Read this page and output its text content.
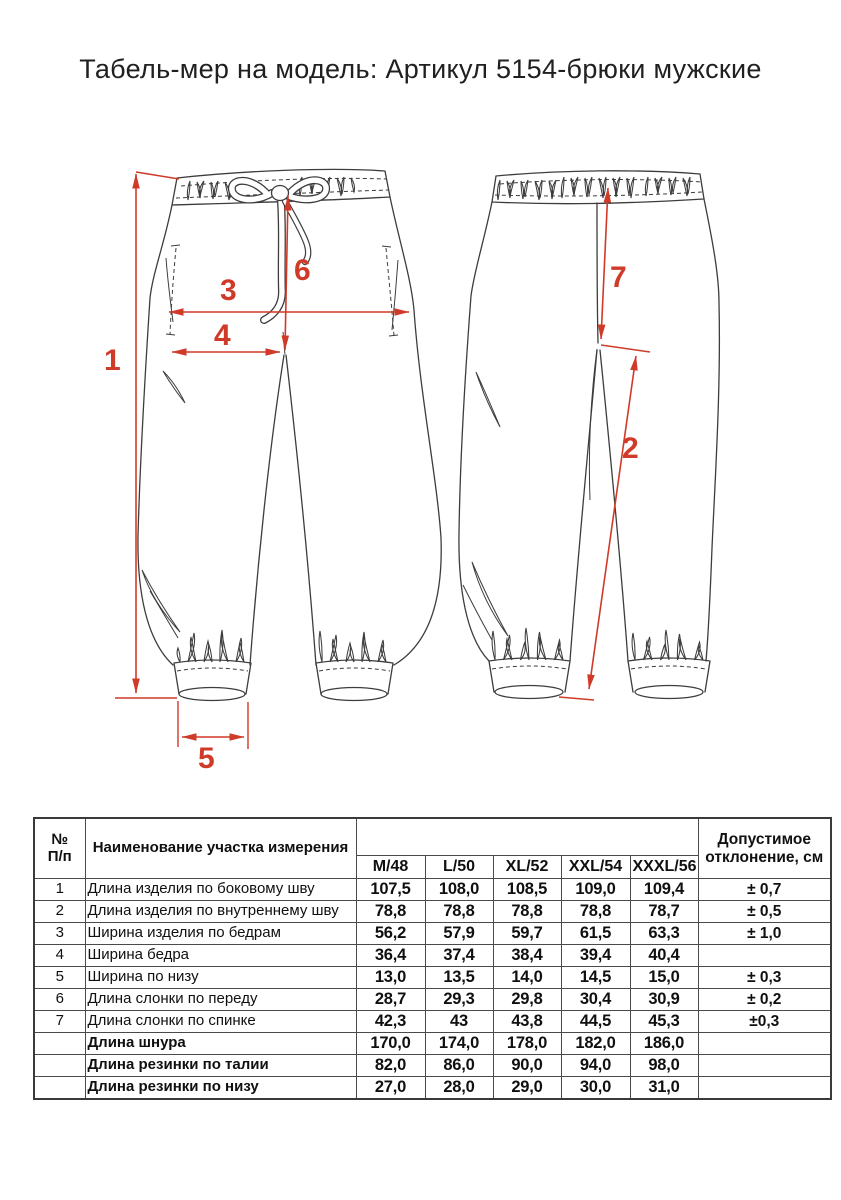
Табель-мер на модель: Артикул 5154-брюки мужские
1
3
4
6
5
7
2
№
П/п	Наименование участка измерения						Допустимое отклонение, см
		М/48	L/50	XL/52	XXL/54	XXXL/56	
1	Длина изделия по боковому шву	107,5	108,0	108,5	109,0	109,4	± 0,7
2	Длина изделия по внутреннему шву	78,8	78,8	78,8	78,8	78,7	± 0,5
3	Ширина изделия по бедрам	56,2	57,9	59,7	61,5	63,3	± 1,0
4	Ширина бедра	36,4	37,4	38,4	39,4	40,4	
5	Ширина по низу	13,0	13,5	14,0	14,5	15,0	± 0,3
6	Длина слонки по переду	28,7	29,3	29,8	30,4	30,9	± 0,2
7	Длина слонки по спинке	42,3	43	43,8	44,5	45,3	±0,3
	Длина шнура	170,0	174,0	178,0	182,0	186,0	
	Длина резинки по талии	82,0	86,0	90,0	94,0	98,0	
	Длина резинки по низу	27,0	28,0	29,0	30,0	31,0	
